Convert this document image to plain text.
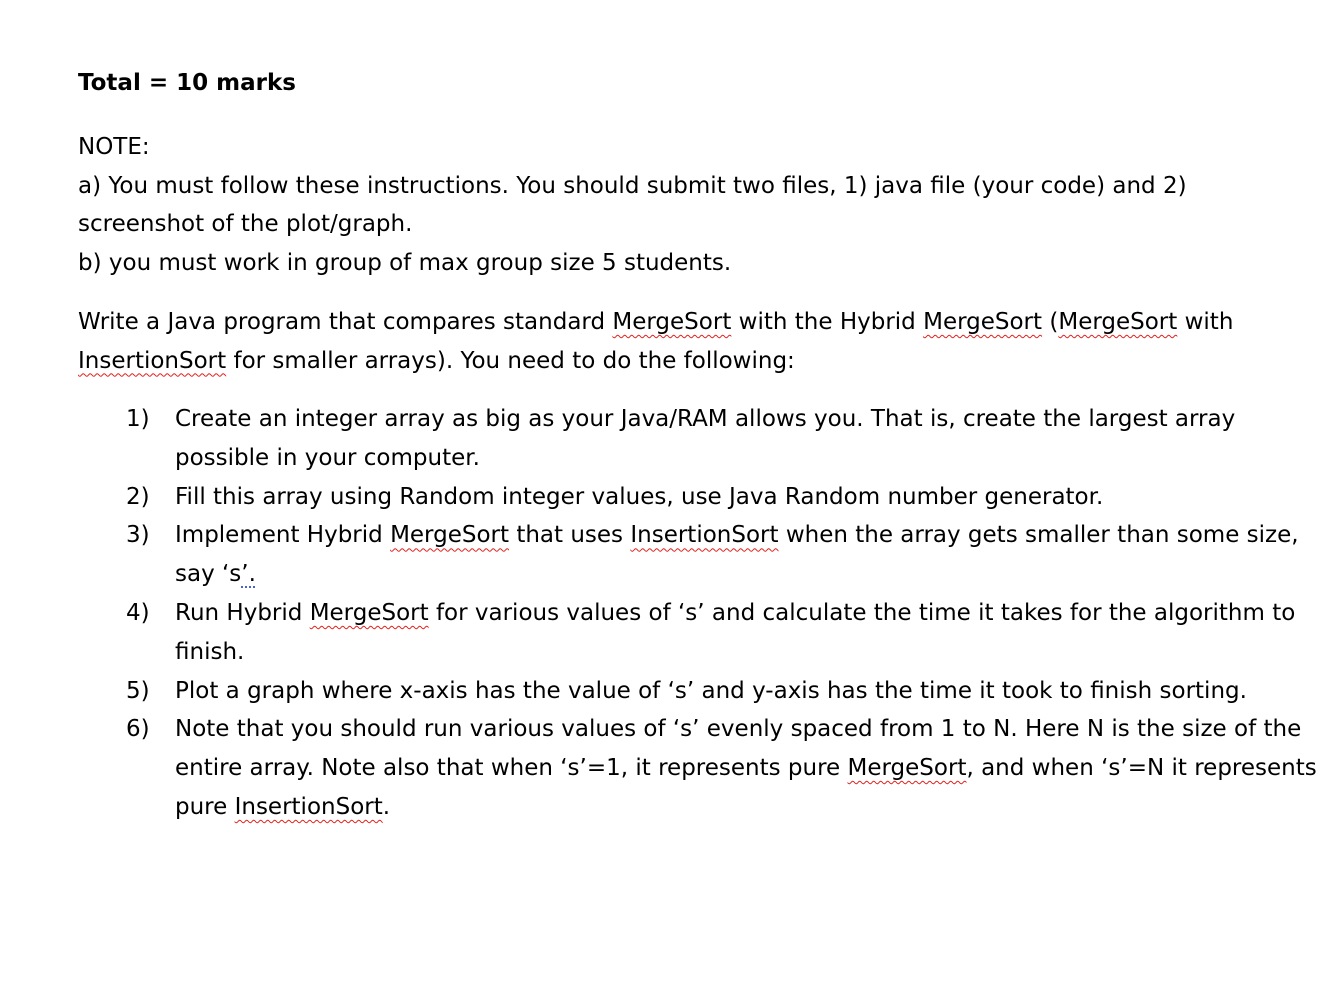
Total = 10 marks

NOTE:

a) You must follow these instructions. You should submit two files, 1) java file (your code) and 2) screenshot of the plot/graph.

b) you must work in group of max group size 5 students.

Write a Java program that compares standard MergeSort with the Hybrid MergeSort (MergeSort with InsertionSort for smaller arrays). You need to do the following:
1) Create an integer array as big as your Java/RAM allows you. That is, create the largest array possible in your computer.
2) Fill this array using Random integer values, use Java Random number generator.
3) Implement Hybrid MergeSort that uses InsertionSort when the array gets smaller than some size, say ‘s’.
4) Run Hybrid MergeSort for various values of ‘s’ and calculate the time it takes for the algorithm to finish.
5) Plot a graph where x-axis has the value of ‘s’ and y-axis has the time it took to finish sorting.
6) Note that you should run various values of ‘s’ evenly spaced from 1 to N. Here N is the size of the entire array. Note also that when ‘s’=1, it represents pure MergeSort, and when ‘s’=N it represents pure InsertionSort.
